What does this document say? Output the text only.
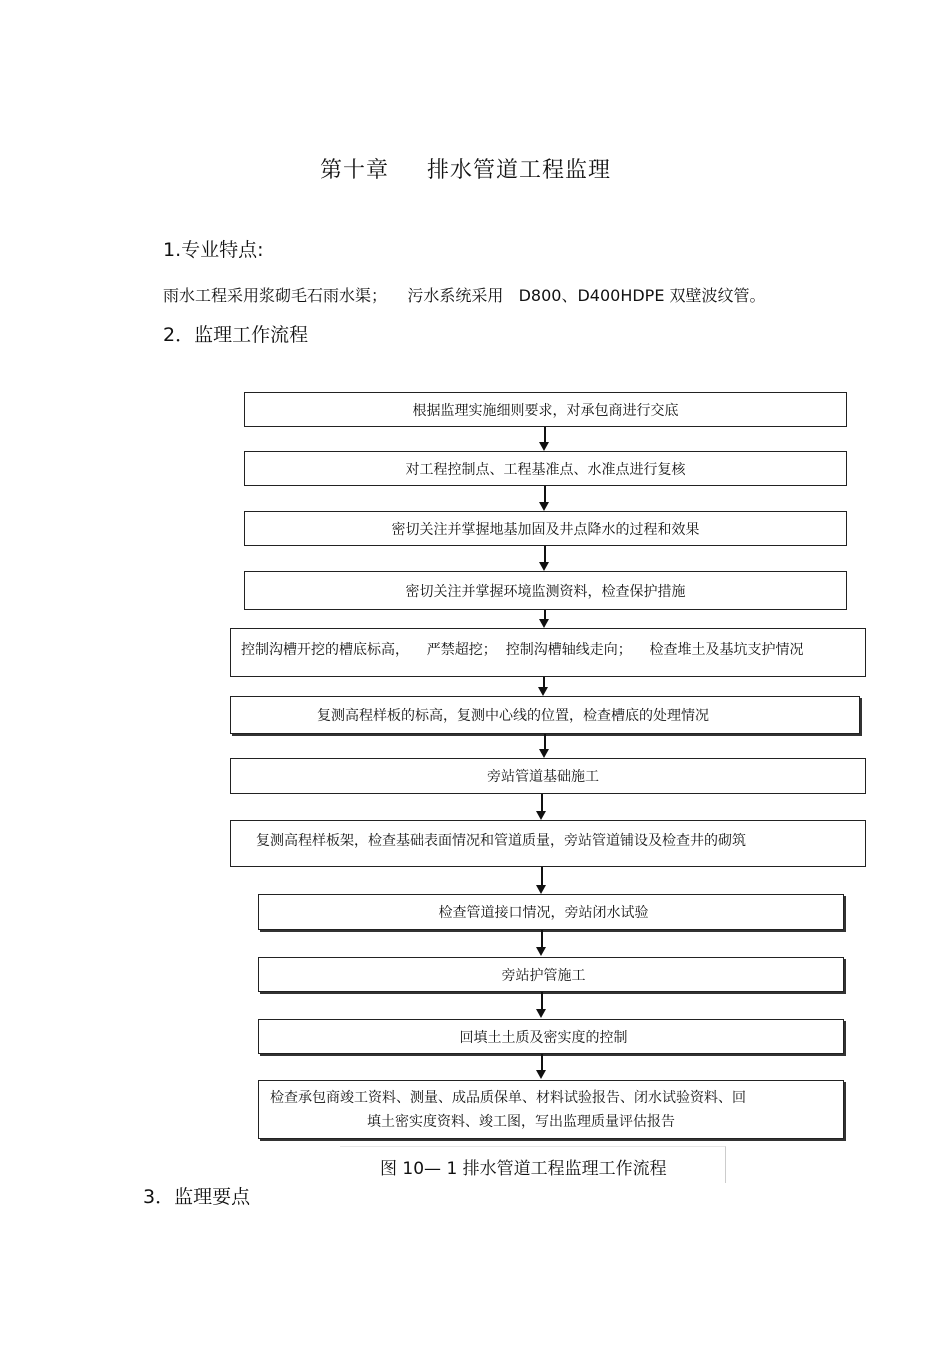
第十章 排水管道工程监理
1.专业特点:
雨水工程采用浆砌毛石雨水渠；    污水系统采用   D800、D400HDPE 双壁波纹管。
2．监理工作流程
根据监理实施细则要求，对承包商进行交底
对工程控制点、工程基准点、水准点进行复核
密切关注并掌握地基加固及井点降水的过程和效果
密切关注并掌握环境监测资料，检查保护措施
控制沟槽开挖的槽底标高，    严禁超挖；  控制沟槽轴线走向；    检查堆土及基坑支护情况
复测高程样板的标高，复测中心线的位置，检查槽底的处理情况
旁站管道基础施工
复测高程样板架，检查基础表面情况和管道质量，旁站管道铺设及检查井的砌筑
检查管道接口情况，旁站闭水试验
旁站护管施工
回填土土质及密实度的控制
检查承包商竣工资料、测量、成品质保单、材料试验报告、闭水试验资料、回
填土密实度资料、竣工图，写出监理质量评估报告
图 10— 1 排水管道工程监理工作流程
3．监理要点
